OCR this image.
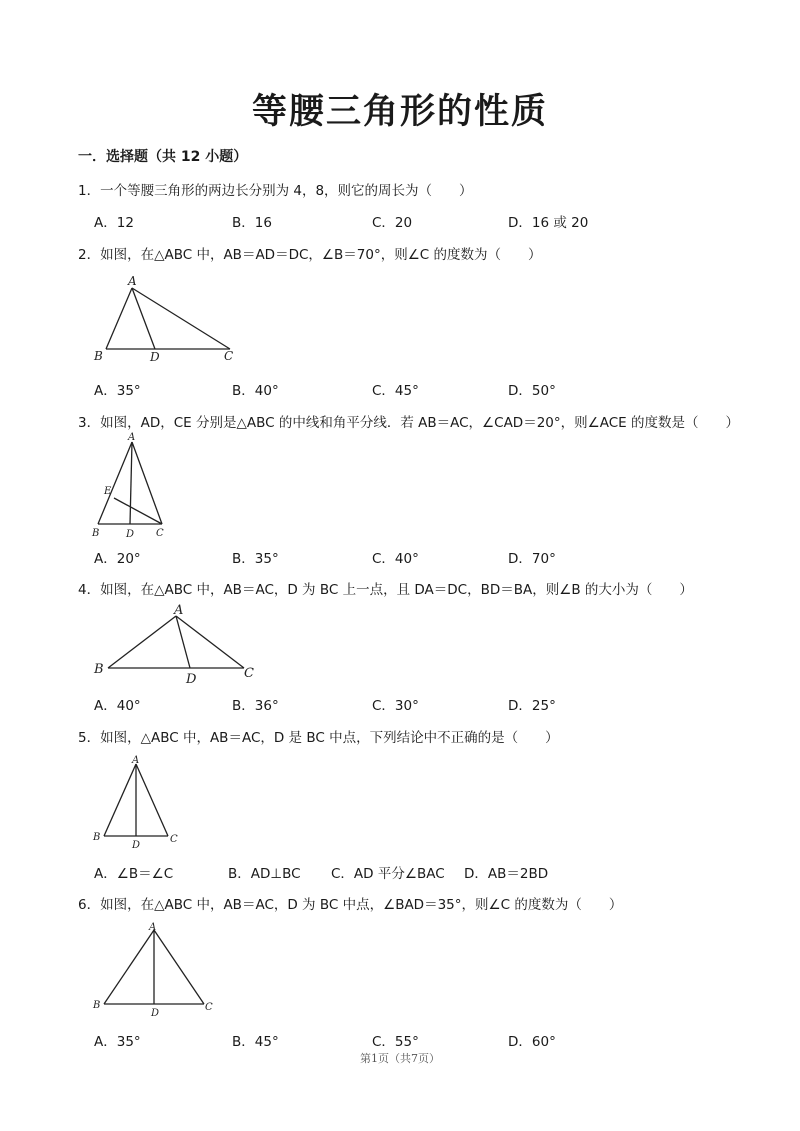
等腰三角形的性质
一．选择题（共 12 小题）
1．一个等腰三角形的两边长分别为 4，8，则它的周长为（　　）
A．12	B．16	C．20	D．16 或 20
2．如图，在△ABC 中，AB＝AD＝DC，∠B＝70°，则∠C 的度数为（　　）
A
B	D	C
A．35°	B．40°	C．45°	D．50°
3．如图，AD，CE 分别是△ABC 的中线和角平分线．若 AB＝AC，∠CAD＝20°，则∠ACE 的度数是（　　）
A
E
B	D C
A．20°	B．35°	C．40°	D．70°
4．如图，在△ABC 中，AB＝AC，D 为 BC 上一点，且 DA＝DC，BD＝BA，则∠B 的大小为（　　）
A
B	C
D
A．40°	B．36°	C．30°	D．25°
5．如图，△ABC 中，AB＝AC，D 是 BC 中点，下列结论中不正确的是（　　）
A
B
D
C
A．∠B＝∠C	B．AD⊥BC C．AD 平分∠BAC D．AB＝2BD
6．如图，在△ABC 中，AB＝AC，D 为 BC 中点，∠BAD＝35°，则∠C 的度数为（　　）
A
B
D
C
A．35°	B．45°	C．55°	D．60°
第1页（共7页）
